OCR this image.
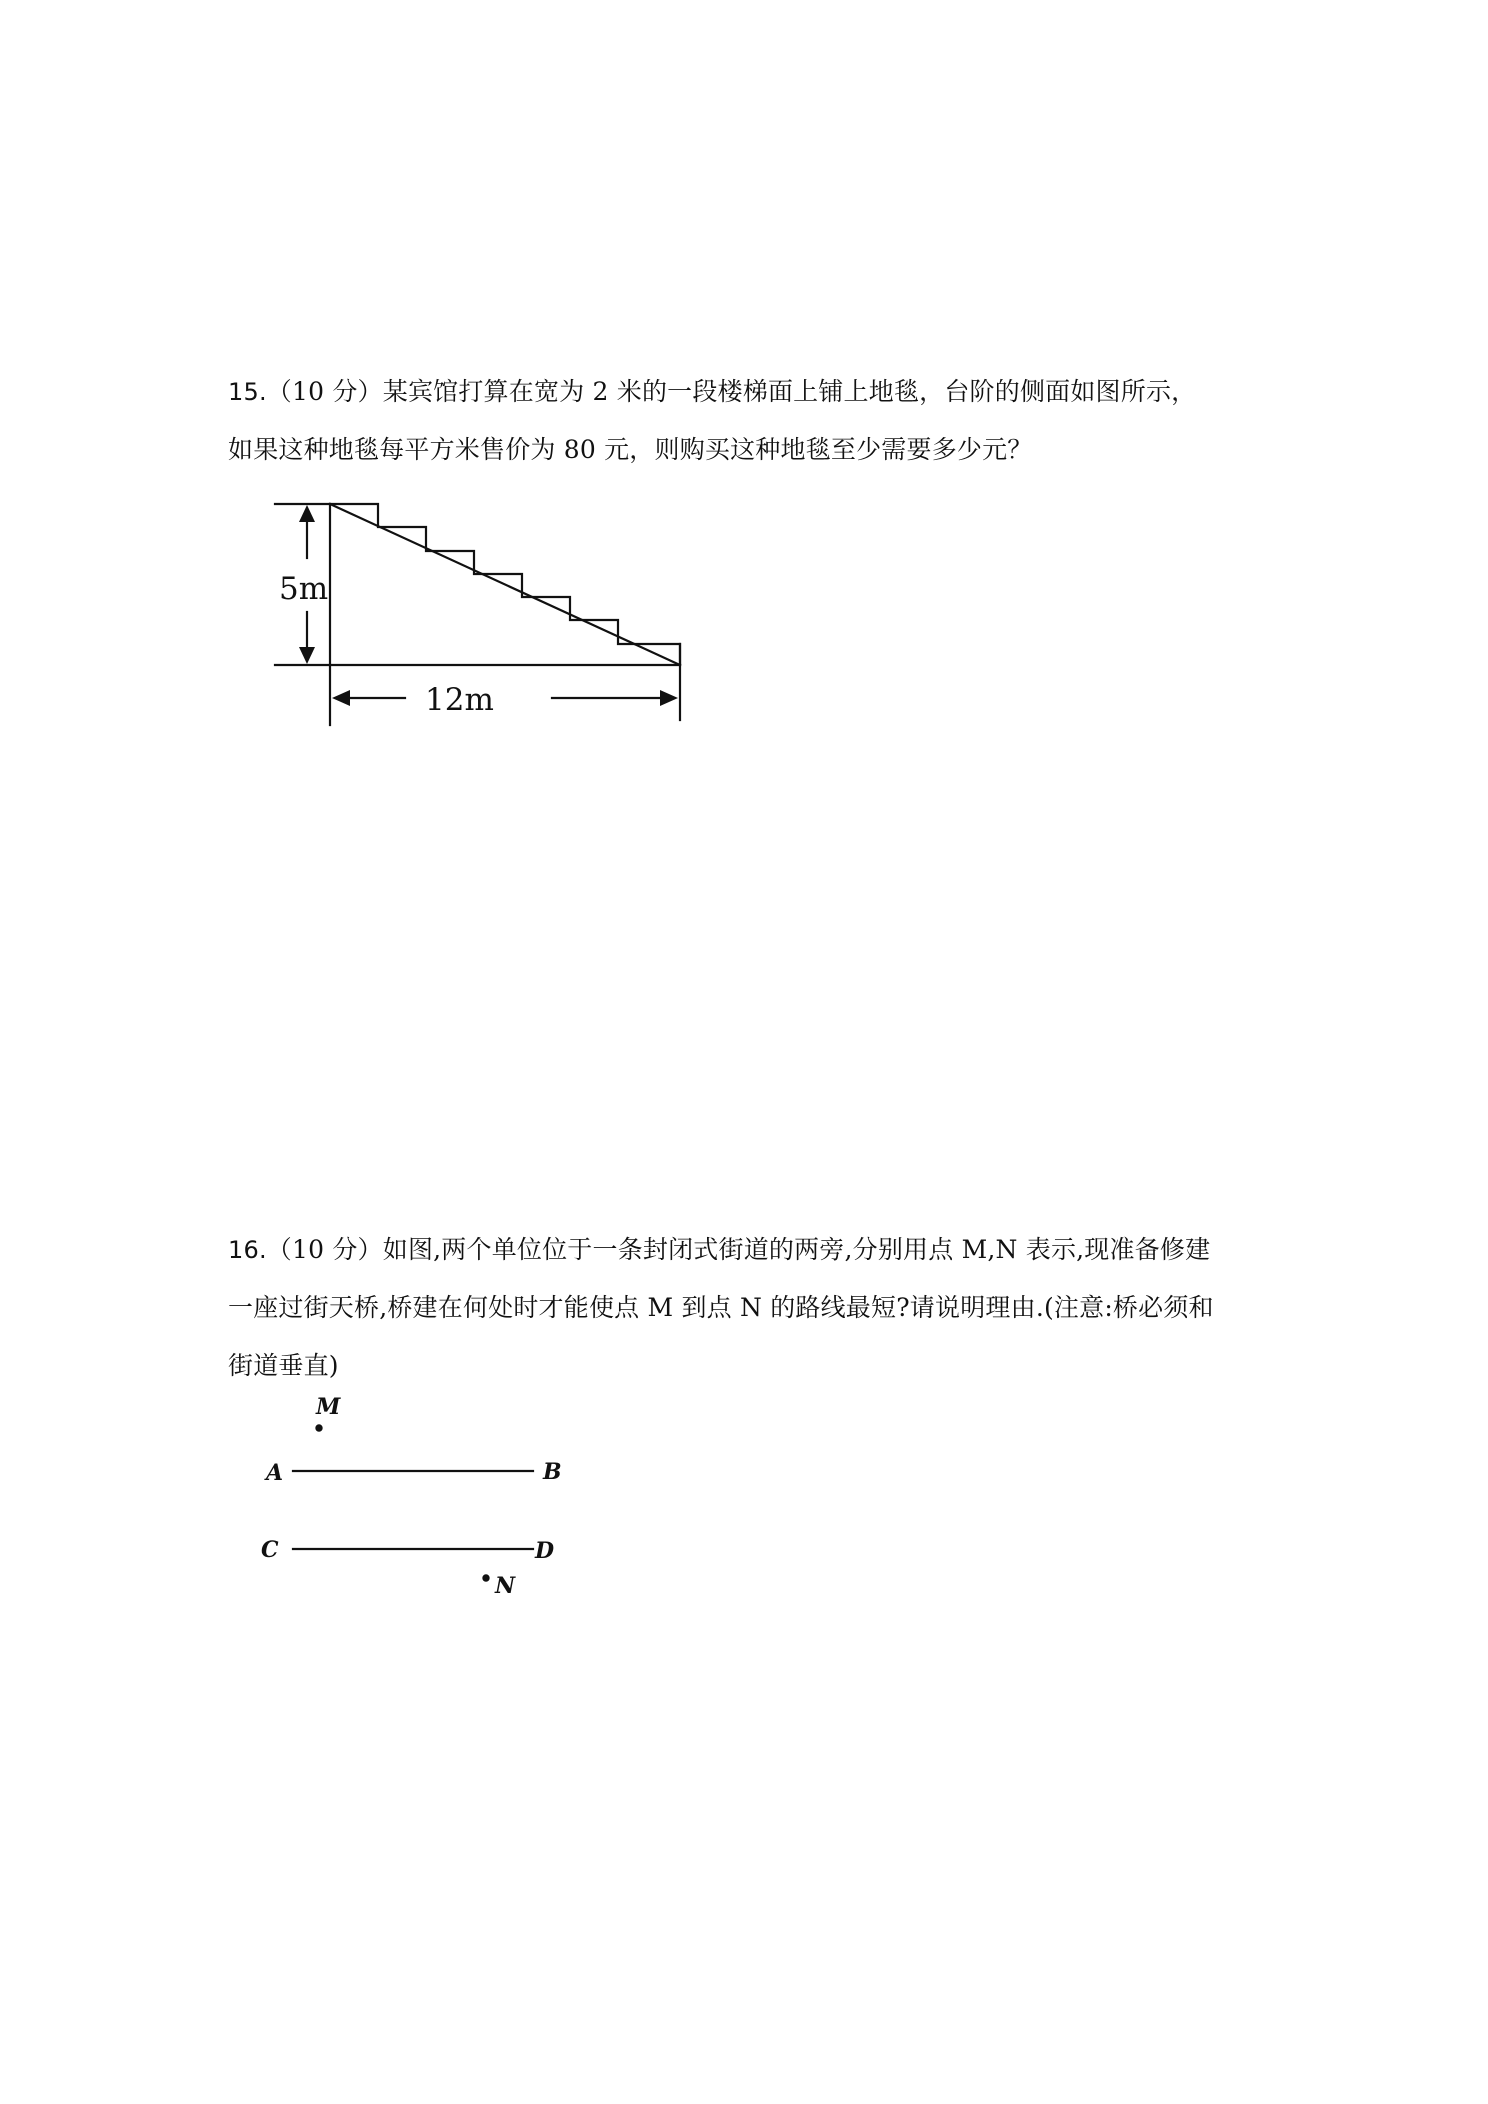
15.（10 分）某宾馆打算在宽为 2 米的一段楼梯面上铺上地毯，台阶的侧面如图所示，
如果这种地毯每平方米售价为 80 元，则购买这种地毯至少需要多少元？
5m
12m
16.（10 分）如图,两个单位位于一条封闭式街道的两旁,分别用点 M,N 表示,现准备修建
一座过街天桥,桥建在何处时才能使点 M 到点 N 的路线最短?请说明理由.(注意:桥必须和
街道垂直)
M
A	B
C	D
N
